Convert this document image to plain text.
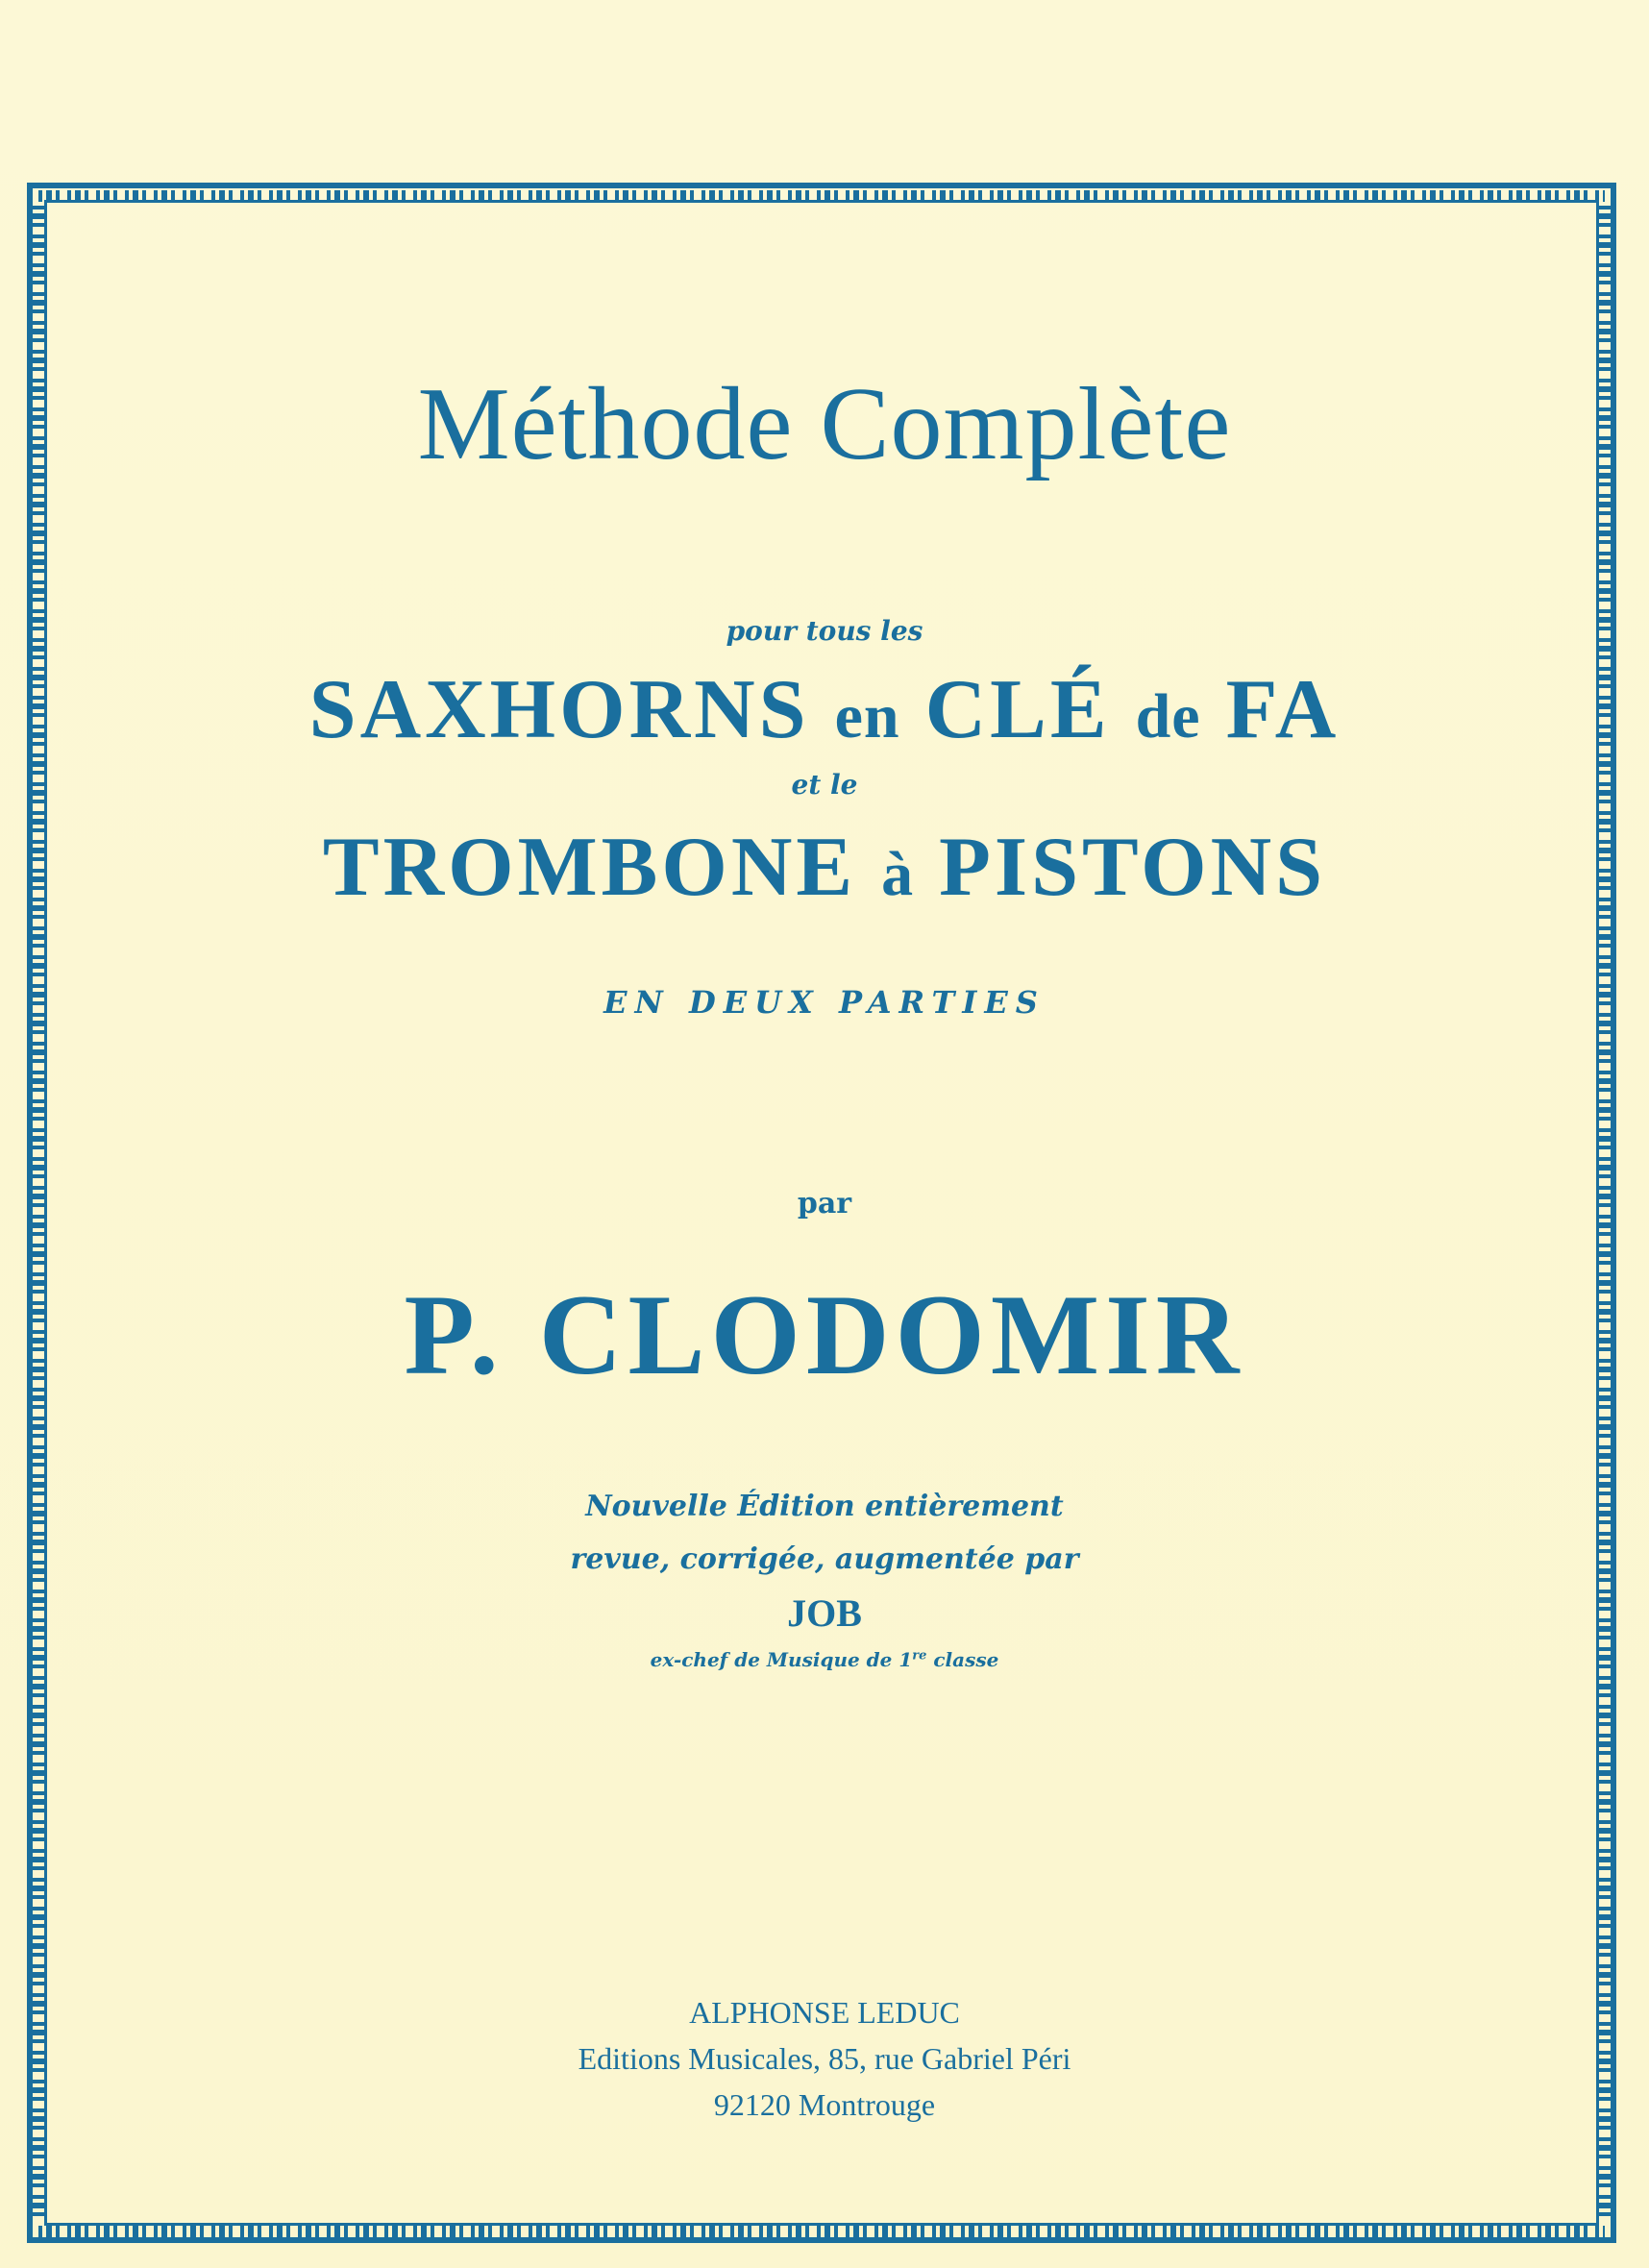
Méthode Complète
pour tous les
SAXHORNS en CLÉ de FA
et le
TROMBONE à PISTONS
EN DEUX PARTIES
par
P. CLODOMIR
Nouvelle Édition entièrement
revue, corrigée, augmentée par
JOB
ex-chef de Musique de 1re classe
ALPHONSE LEDUC
Editions Musicales, 85, rue Gabriel Péri
92120 Montrouge
